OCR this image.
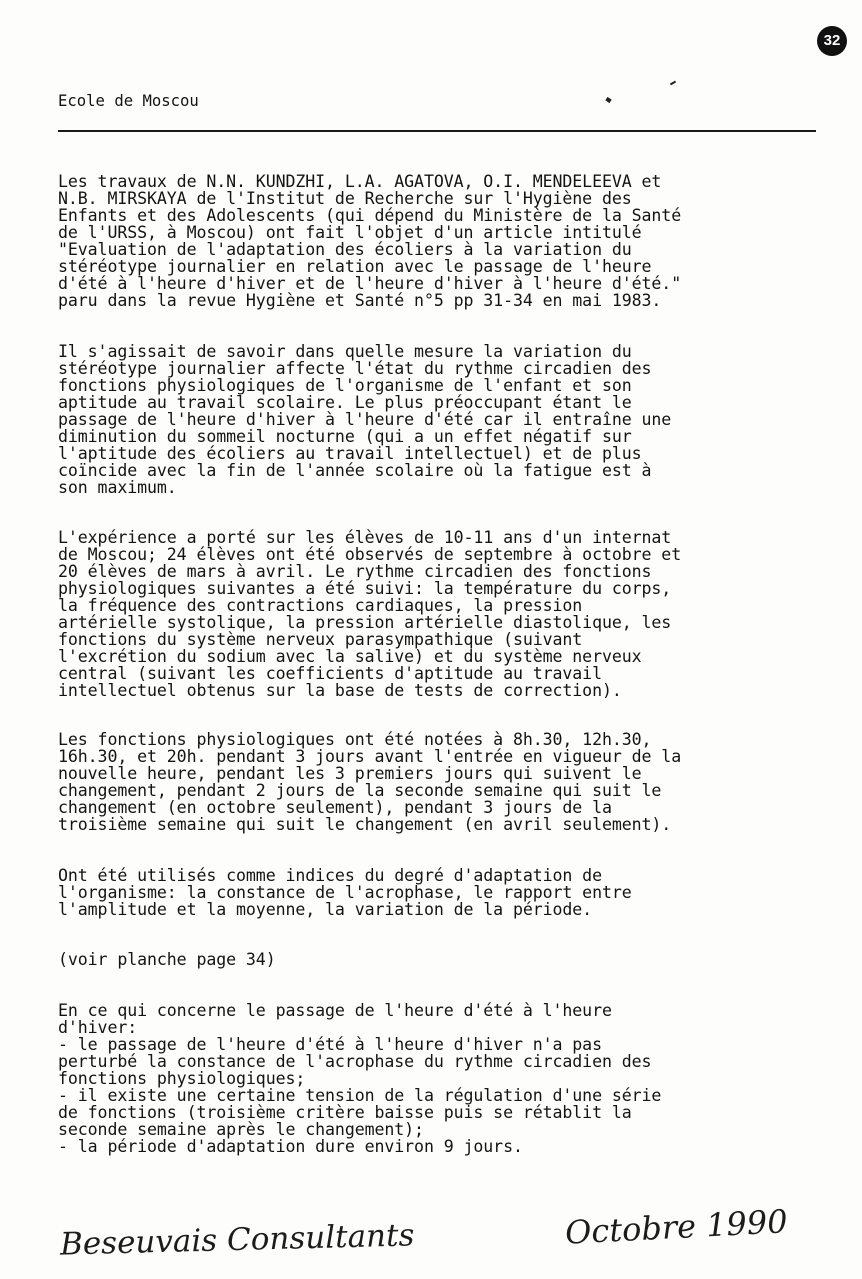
32
Ecole de Moscou
Les travaux de N.N. KUNDZHI, L.A. AGATOVA, O.I. MENDELEEVA et
N.B. MIRSKAYA de l'Institut de Recherche sur l'Hygiène des
Enfants et des Adolescents (qui dépend du Ministère de la Santé
de l'URSS, à Moscou) ont fait l'objet d'un article intitulé
"Evaluation de l'adaptation des écoliers à la variation du
stéréotype journalier en relation avec le passage de l'heure
d'été à l'heure d'hiver et de l'heure d'hiver à l'heure d'été."
paru dans la revue Hygiène et Santé n°5 pp 31-34 en mai 1983.
Il s'agissait de savoir dans quelle mesure la variation du
stéréotype journalier affecte l'état du rythme circadien des
fonctions physiologiques de l'organisme de l'enfant et son
aptitude au travail scolaire. Le plus préoccupant étant le
passage de l'heure d'hiver à l'heure d'été car il entraîne une
diminution du sommeil nocturne (qui a un effet négatif sur
l'aptitude des écoliers au travail intellectuel) et de plus
coïncide avec la fin de l'année scolaire où la fatigue est à
son maximum.
L'expérience a porté sur les élèves de 10-11 ans d'un internat
de Moscou; 24 élèves ont été observés de septembre à octobre et
20 élèves de mars à avril. Le rythme circadien des fonctions
physiologiques suivantes a été suivi: la température du corps,
la fréquence des contractions cardiaques, la pression
artérielle systolique, la pression artérielle diastolique, les
fonctions du système nerveux parasympathique (suivant
l'excrétion du sodium avec la salive) et du système nerveux
central (suivant les coefficients d'aptitude au travail
intellectuel obtenus sur la base de tests de correction).
Les fonctions physiologiques ont été notées à 8h.30, 12h.30,
16h.30, et 20h. pendant 3 jours avant l'entrée en vigueur de la
nouvelle heure, pendant les 3 premiers jours qui suivent le
changement, pendant 2 jours de la seconde semaine qui suit le
changement (en octobre seulement), pendant 3 jours de la
troisième semaine qui suit le changement (en avril seulement).
Ont été utilisés comme indices du degré d'adaptation de
l'organisme: la constance de l'acrophase, le rapport entre
l'amplitude et la moyenne, la variation de la période.
(voir planche page 34)
En ce qui concerne le passage de l'heure d'été à l'heure
d'hiver:
- le passage de l'heure d'été à l'heure d'hiver n'a pas
perturbé la constance de l'acrophase du rythme circadien des
fonctions physiologiques;
- il existe une certaine tension de la régulation d'une série
de fonctions (troisième critère baisse puis se rétablit la
seconde semaine après le changement);
- la période d'adaptation dure environ 9 jours.
Beseuvais Consultants	Octobre 1990
